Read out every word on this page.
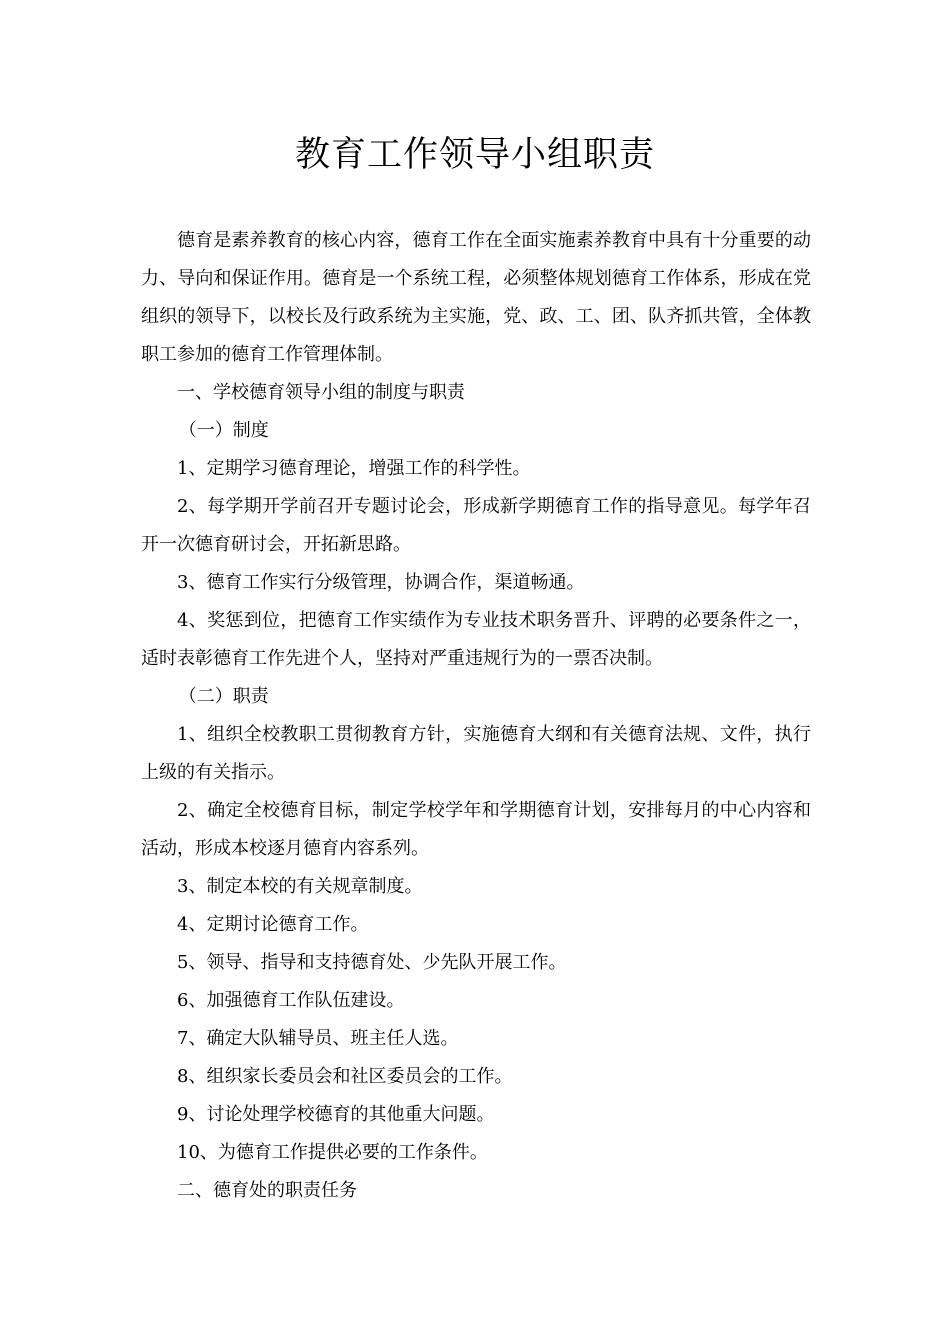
教育工作领导小组职责

德育是素养教育的核心内容，德育工作在全面实施素养教育中具有十分重要的动力、导向和保证作用。德育是一个系统工程，必须整体规划德育工作体系，形成在党组织的领导下，以校长及行政系统为主实施，党、政、工、团、队齐抓共管，全体教职工参加的德育工作管理体制。

一、学校德育领导小组的制度与职责

（一）制度

1、定期学习德育理论，增强工作的科学性。

2、每学期开学前召开专题讨论会，形成新学期德育工作的指导意见。每学年召开一次德育研讨会，开拓新思路。

3、德育工作实行分级管理，协调合作，渠道畅通。

4、奖惩到位，把德育工作实绩作为专业技术职务晋升、评聘的必要条件之一，适时表彰德育工作先进个人，坚持对严重违规行为的一票否决制。

（二）职责

1、组织全校教职工贯彻教育方针，实施德育大纲和有关德育法规、文件，执行上级的有关指示。

2、确定全校德育目标，制定学校学年和学期德育计划，安排每月的中心内容和活动，形成本校逐月德育内容系列。

3、制定本校的有关规章制度。

4、定期讨论德育工作。

5、领导、指导和支持德育处、少先队开展工作。

6、加强德育工作队伍建设。

7、确定大队辅导员、班主任人选。

8、组织家长委员会和社区委员会的工作。

9、讨论处理学校德育的其他重大问题。

10、为德育工作提供必要的工作条件。

二、德育处的职责任务
